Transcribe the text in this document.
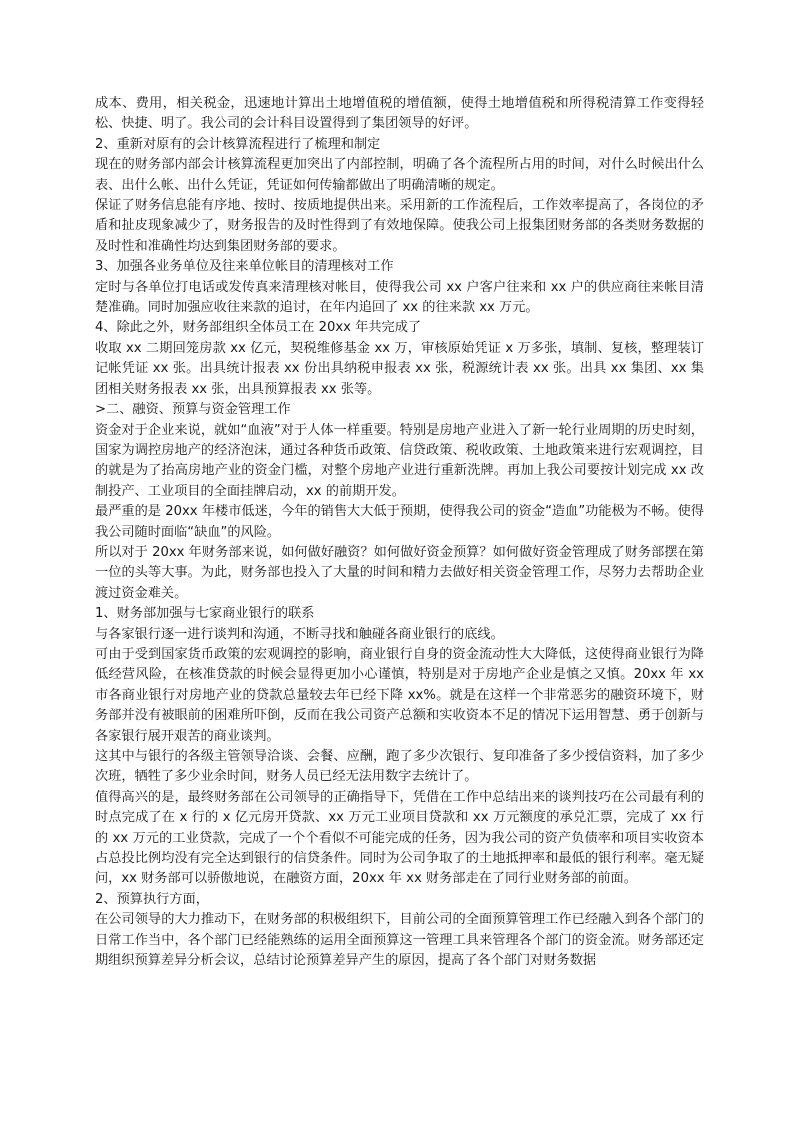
成本、费用，相关税金，迅速地计算出土地增值税的增值额，使得土地增值税和所得税清算工作变得轻松、快捷、明了。我公司的会计科目设置得到了集团领导的好评。

2、重新对原有的会计核算流程进行了梳理和制定

现在的财务部内部会计核算流程更加突出了内部控制，明确了各个流程所占用的时间，对什么时候出什么表、出什么帐、出什么凭证，凭证如何传输都做出了明确清晰的规定。

保证了财务信息能有序地、按时、按质地提供出来。采用新的工作流程后，工作效率提高了，各岗位的矛盾和扯皮现象减少了，财务报告的及时性得到了有效地保障。使我公司上报集团财务部的各类财务数据的及时性和准确性均达到集团财务部的要求。

3、加强各业务单位及往来单位帐目的清理核对工作

定时与各单位打电话或发传真来清理核对帐目，使得我公司 xx 户客户往来和 xx 户的供应商往来帐目清楚准确。同时加强应收往来款的追讨，在年内追回了 xx 的往来款 xx 万元。

4、除此之外，财务部组织全体员工在 20xx 年共完成了

收取 xx 二期回笼房款 xx 亿元，契税维修基金 xx 万，审核原始凭证 x 万多张，填制、复核，整理装订记帐凭证 xx 张。出具统计报表 xx 份出具纳税申报表 xx 张，税源统计表 xx 张。出具 xx 集团、xx 集团相关财务报表 xx 张，出具预算报表 xx 张等。

>二、融资、预算与资金管理工作

资金对于企业来说，就如“血液”对于人体一样重要。特别是房地产业进入了新一轮行业周期的历史时刻，国家为调控房地产的经济泡沫，通过各种货币政策、信贷政策、税收政策、土地政策来进行宏观调控，目的就是为了抬高房地产业的资金门槛，对整个房地产业进行重新洗牌。再加上我公司要按计划完成 xx 改制投产、工业项目的全面挂牌启动，xx 的前期开发。

最严重的是 20xx 年楼市低迷，今年的销售大大低于预期，使得我公司的资金“造血”功能极为不畅。使得我公司随时面临“缺血”的风险。

所以对于 20xx 年财务部来说，如何做好融资？如何做好资金预算？如何做好资金管理成了财务部摆在第一位的头等大事。为此，财务部也投入了大量的时间和精力去做好相关资金管理工作，尽努力去帮助企业渡过资金难关。

1、财务部加强与七家商业银行的联系

与各家银行逐一进行谈判和沟通，不断寻找和触碰各商业银行的底线。

可由于受到国家货币政策的宏观调控的影响，商业银行自身的资金流动性大大降低，这使得商业银行为降低经营风险，在核准贷款的时候会显得更加小心谨慎，特别是对于房地产企业是慎之又慎。20xx 年 xx 市各商业银行对房地产业的贷款总量较去年已经下降 xx%。就是在这样一个非常恶劣的融资环境下，财务部并没有被眼前的困难所吓倒，反而在我公司资产总额和实收资本不足的情况下运用智慧、勇于创新与各家银行展开艰苦的商业谈判。

这其中与银行的各级主管领导洽谈、会餐、应酬，跑了多少次银行、复印准备了多少授信资料，加了多少次班，牺牲了多少业余时间，财务人员已经无法用数字去统计了。

值得高兴的是，最终财务部在公司领导的正确指导下，凭借在工作中总结出来的谈判技巧在公司最有利的时点完成了在 x 行的 x 亿元房开贷款、xx 万元工业项目贷款和 xx 万元额度的承兑汇票，完成了 xx 行的 xx 万元的工业贷款，完成了一个个看似不可能完成的任务，因为我公司的资产负债率和项目实收资本占总投比例均没有完全达到银行的信贷条件。同时为公司争取了的土地抵押率和最低的银行利率。毫无疑问，xx 财务部可以骄傲地说，在融资方面，20xx 年 xx 财务部走在了同行业财务部的前面。

2、预算执行方面，

在公司领导的大力推动下，在财务部的积极组织下，目前公司的全面预算管理工作已经融入到各个部门的日常工作当中，各个部门已经能熟练的运用全面预算这一管理工具来管理各个部门的资金流。财务部还定期组织预算差异分析会议，总结讨论预算差异产生的原因，提高了各个部门对财务数据
